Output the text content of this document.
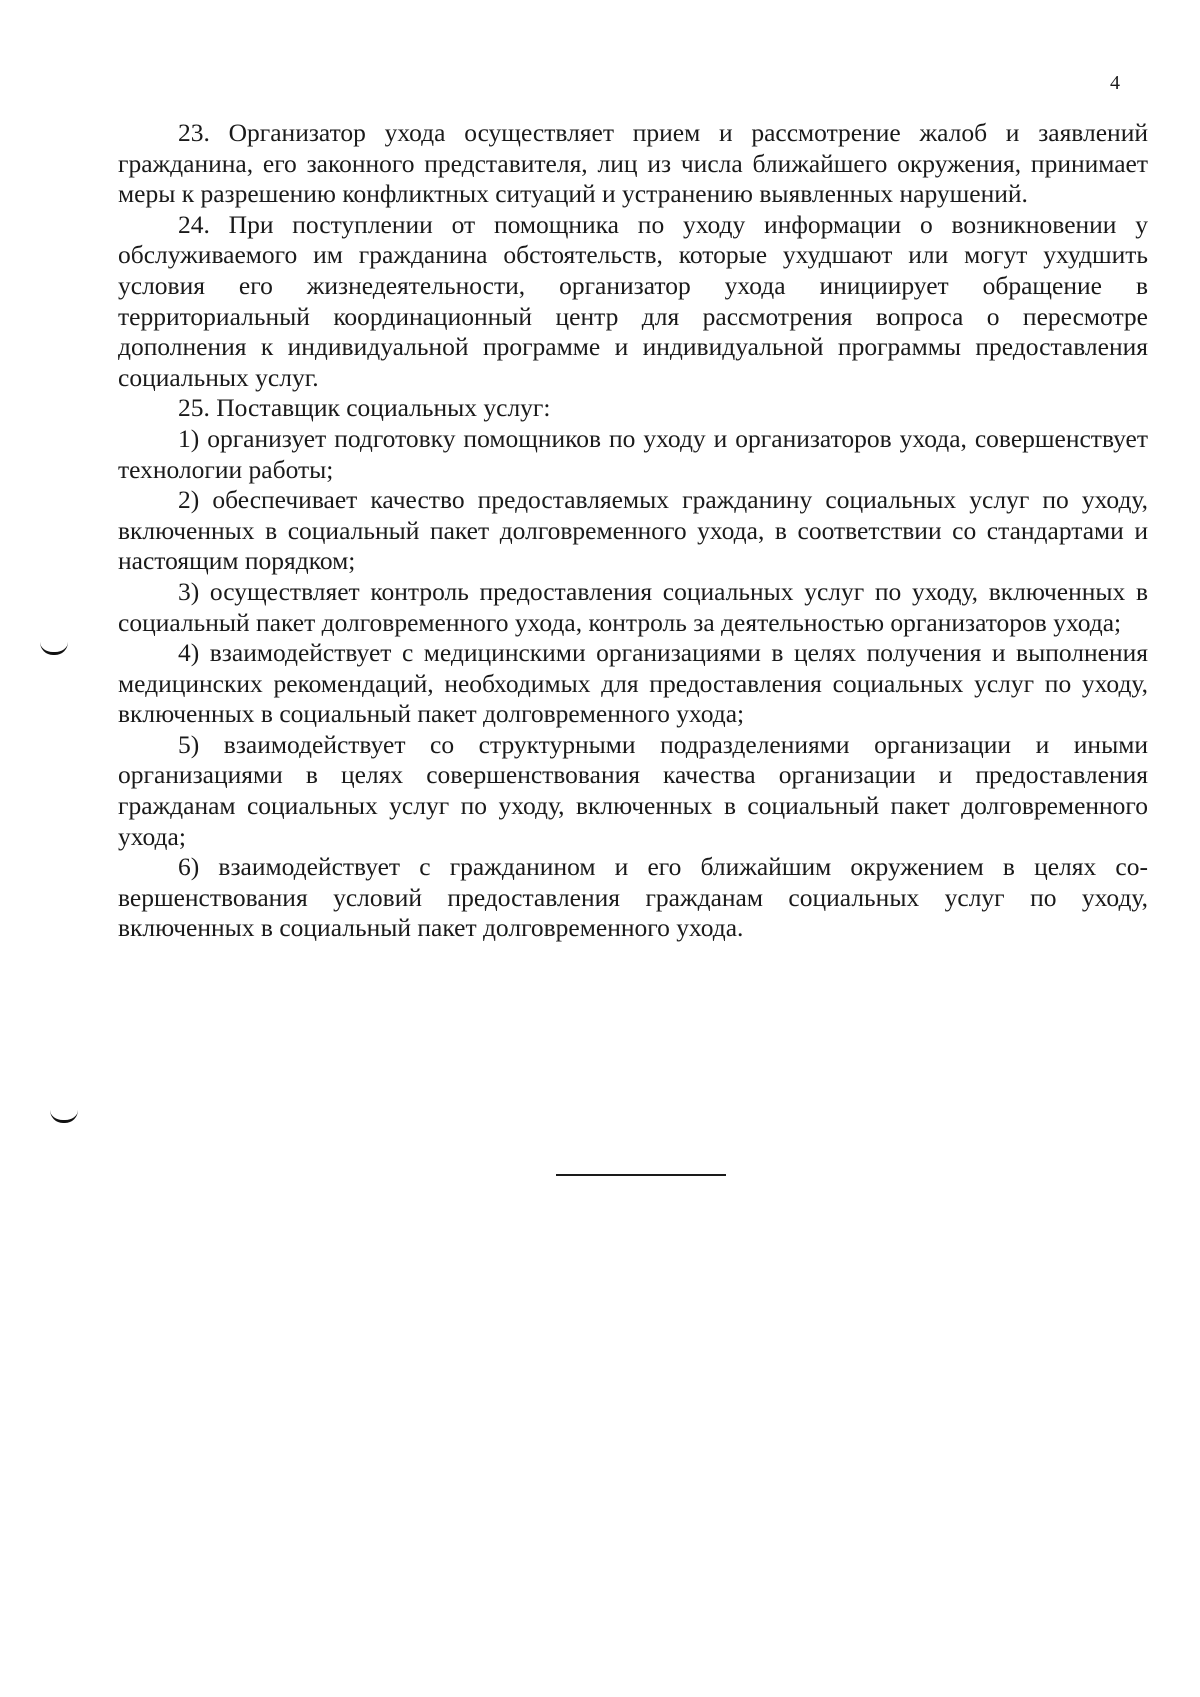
4

23. Организатор ухода осуществляет прием и рассмотрение жалоб и заявлений гражданина, его законного представителя, лиц из числа ближайшего окружения, принимает меры к разрешению конфликтных ситуаций и устранению выявленных нарушений.

24. При поступлении от помощника по уходу информации о возникновении у обслуживаемого им гражданина обстоятельств, которые ухудшают или могут ухудшить условия его жизнедеятельности, организатор ухода инициирует обращение в территориальный координационный центр для рассмотрения вопроса о пересмотре дополнения к индивидуальной программе и индивидуальной программы предоставления социальных услуг.

25. Поставщик социальных услуг:

1) организует подготовку помощников по уходу и организаторов ухода, совершенствует технологии работы;

2) обеспечивает качество предоставляемых гражданину социальных услуг по уходу, включенных в социальный пакет долговременного ухода, в соответствии со стандартами и настоящим порядком;

3) осуществляет контроль предоставления социальных услуг по уходу, включенных в социальный пакет долговременного ухода, контроль за деятельностью организаторов ухода;

4) взаимодействует с медицинскими организациями в целях получения и выполнения медицинских рекомендаций, необходимых для предоставления социальных услуг по уходу, включенных в социальный пакет долговременного ухода;

5) взаимодействует со структурными подразделениями организации и иными организациями в целях совершенствования качества организации и предоставления гражданам социальных услуг по уходу, включенных в социальный пакет долговременного ухода;

6) взаимодействует с гражданином и его ближайшим окружением в целях совершенствования условий предоставления гражданам социальных услуг по уходу, включенных в социальный пакет долговременного ухода.
